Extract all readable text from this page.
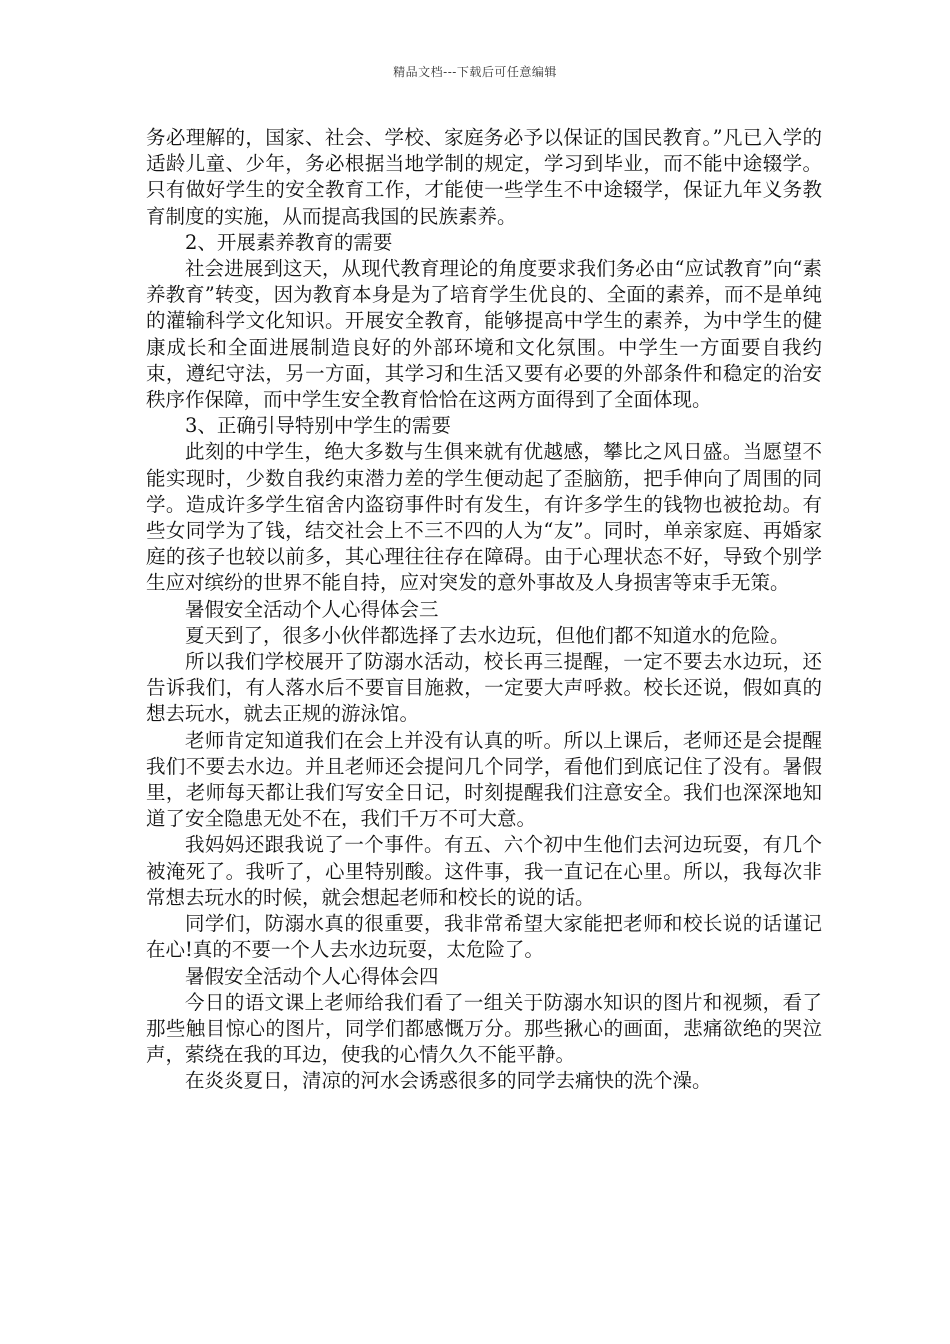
精品文档---下载后可任意编辑

务必理解的，国家、社会、学校、家庭务必予以保证的国民教育。”凡已入学的适龄儿童、少年，务必根据当地学制的规定，学习到毕业，而不能中途辍学。只有做好学生的安全教育工作，才能使一些学生不中途辍学，保证九年义务教育制度的实施，从而提高我国的民族素养。

2、开展素养教育的需要

社会进展到这天，从现代教育理论的角度要求我们务必由“应试教育”向“素养教育”转变，因为教育本身是为了培育学生优良的、全面的素养，而不是单纯的灌输科学文化知识。开展安全教育，能够提高中学生的素养，为中学生的健康成长和全面进展制造良好的外部环境和文化氛围。中学生一方面要自我约束，遵纪守法，另一方面，其学习和生活又要有必要的外部条件和稳定的治安秩序作保障，而中学生安全教育恰恰在这两方面得到了全面体现。

3、正确引导特别中学生的需要

此刻的中学生，绝大多数与生俱来就有优越感，攀比之风日盛。当愿望不能实现时，少数自我约束潜力差的学生便动起了歪脑筋，把手伸向了周围的同学。造成许多学生宿舍内盗窃事件时有发生，有许多学生的钱物也被抢劫。有些女同学为了钱，结交社会上不三不四的人为“友”。同时，单亲家庭、再婚家庭的孩子也较以前多，其心理往往存在障碍。由于心理状态不好，导致个别学生应对缤纷的世界不能自持，应对突发的意外事故及人身损害等束手无策。

暑假安全活动个人心得体会三

夏天到了，很多小伙伴都选择了去水边玩，但他们都不知道水的危险。

所以我们学校展开了防溺水活动，校长再三提醒，一定不要去水边玩，还告诉我们，有人落水后不要盲目施救，一定要大声呼救。校长还说，假如真的想去玩水，就去正规的游泳馆。

老师肯定知道我们在会上并没有认真的听。所以上课后，老师还是会提醒我们不要去水边。并且老师还会提问几个同学，看他们到底记住了没有。暑假里，老师每天都让我们写安全日记，时刻提醒我们注意安全。我们也深深地知道了安全隐患无处不在，我们千万不可大意。

我妈妈还跟我说了一个事件。有五、六个初中生他们去河边玩耍，有几个被淹死了。我听了，心里特别酸。这件事，我一直记在心里。所以，我每次非常想去玩水的时候，就会想起老师和校长的说的话。

同学们，防溺水真的很重要，我非常希望大家能把老师和校长说的话谨记在心!真的不要一个人去水边玩耍，太危险了。

暑假安全活动个人心得体会四

今日的语文课上老师给我们看了一组关于防溺水知识的图片和视频，看了那些触目惊心的图片，同学们都感慨万分。那些揪心的画面，悲痛欲绝的哭泣声，萦绕在我的耳边，使我的心情久久不能平静。

在炎炎夏日，清凉的河水会诱惑很多的同学去痛快的洗个澡。
